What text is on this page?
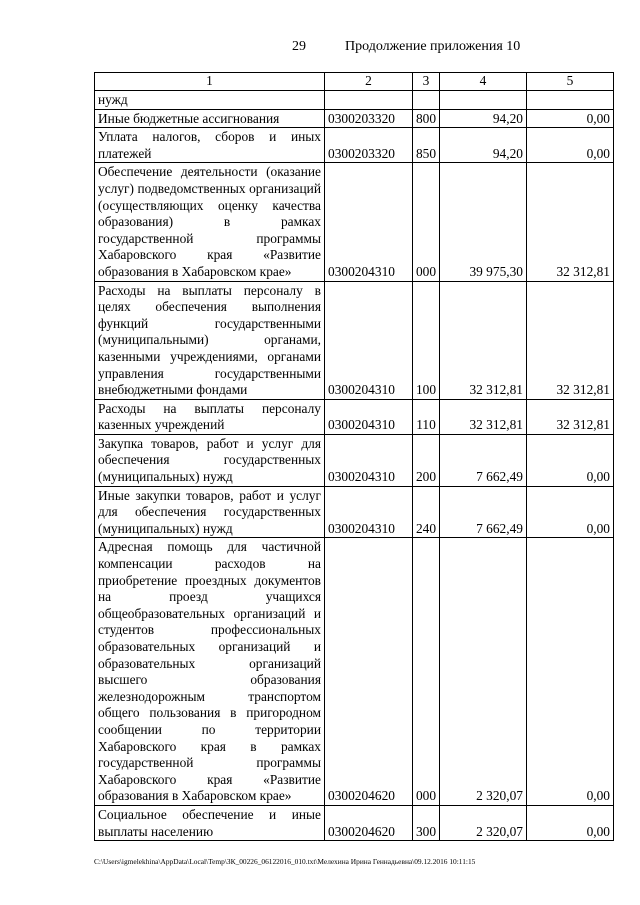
29	Продолжение приложения 10
1	2	3	4	5
нужд				
Иные бюджетные ассигнования	0300203320	800	94,20	0,00
Уплата налогов, сборов и иных платежей	0300203320	850	94,20	0,00
Обеспечение деятельности (оказание услуг) подведомственных организаций (осуществляющих оценку качества образования) в рамках государственной программы Хабаровского края «Развитие образования в Хабаровском крае»	0300204310	000	39 975,30	32 312,81
Расходы на выплаты персоналу в целях обеспечения выполнения функций государственными (муниципальными) органами, казенными учреждениями, органами управления государственными внебюджетными фондами	0300204310	100	32 312,81	32 312,81
Расходы на выплаты персоналу казенных учреждений	0300204310	110	32 312,81	32 312,81
Закупка товаров, работ и услуг для обеспечения государственных (муниципальных) нужд	0300204310	200	7 662,49	0,00
Иные закупки товаров, работ и услуг для обеспечения государственных (муниципальных) нужд	0300204310	240	7 662,49	0,00
Адресная помощь для частичной компенсации расходов на приобретение проездных документов на проезд учащихся общеобразовательных организаций и студентов профессиональных образовательных организаций и образовательных организаций высшего образования железнодорожным транспортом общего пользования в пригородном сообщении по территории Хабаровского края в рамках государственной программы Хабаровского края «Развитие образования в Хабаровском крае»	0300204620	000	2 320,07	0,00
Социальное обеспечение и иные выплаты населению	0300204620	300	2 320,07	0,00
C:\Users\igmelekhina\AppData\Local\Temp\ЗК_00226_06122016_010.txt\Мелехина Ирина Геннадьевна\09.12.2016 10:11:15
